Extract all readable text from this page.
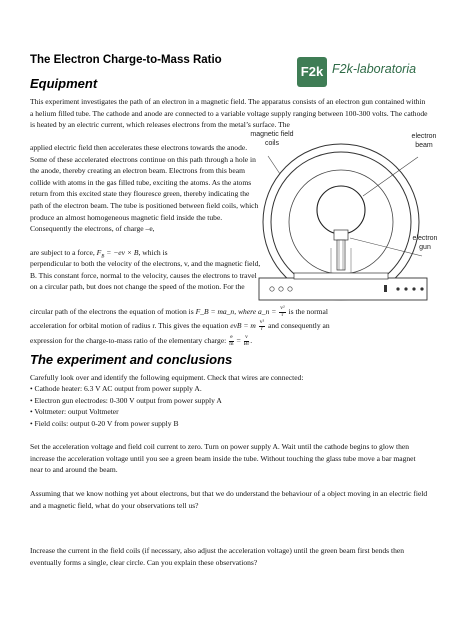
The Electron Charge-to-Mass Ratio
F2k F2k-laboratoria
Equipment

This experiment investigates the path of an electron in a magnetic field. The apparatus consists of an electron gun contained within a helium filled tube. The cathode and anode are connected to a variable voltage supply ranging between 100-300 volts. The cathode is heated by an electric current, which releases electrons from the metal’s surface. The

applied electric field then accelerates these electrons towards the anode. Some of these accelerated electrons continue on this path through a hole in the anode, thereby creating an electron beam. Electrons from this beam collide with atoms in the gas filled tube, exciting the atoms. As the atoms return from this excited state they flouresce green, thereby indicating the path of the electron beam. The tube is positioned between field coils, which produce an almost homogeneous magnetic field inside the tube. Consequently the electrons, of charge –e,

are subject to a force, $F_B = -ev \times B$, which is

perpendicular to both the velocity of the electrons, v, and the magnetic field, B. This constant force, normal to the velocity, causes the electrons to travel on a circular path, but does not change the speed of the motion. For the

circular path of the electrons the equation of motion is F_B = ma_n, where a_n = $\frac{\text{v²}}{r}$ is the normal
acceleration for orbital motion of radius r. This gives the equation evB = m $\frac{\text{v²}}{r}$ and consequently an
expression for the charge-to-mass ratio of the elementary charge: $\frac{e}{m} = \frac{v}{Br}$ .
magnetic field coils
electron beam
electron gun
The experiment and conclusions

Carefully look over and identify the following equipment. Check that wires are connected:

• Cathode heater: 6.3 V AC output from power supply A.
• Electron gun electrodes: 0-300 V output from power supply A
• Voltmeter: output Voltmeter
• Field coils: output 0-20 V from power supply B

Set the acceleration voltage and field coil current to zero. Turn on power supply A. Wait until the cathode begins to glow then increase the acceleration voltage until you see a green beam inside the tube. Without touching the glass tube move a bar magnet near to and around the beam.

Assuming that we know nothing yet about electrons, but that we do understand the behaviour of a object moving in an electric field and a magnetic field, what do your observations tell us?

Increase the current in the field coils (if necessary, also adjust the acceleration voltage) until the green beam first bends then eventually forms a single, clear circle. Can you explain these observations?
